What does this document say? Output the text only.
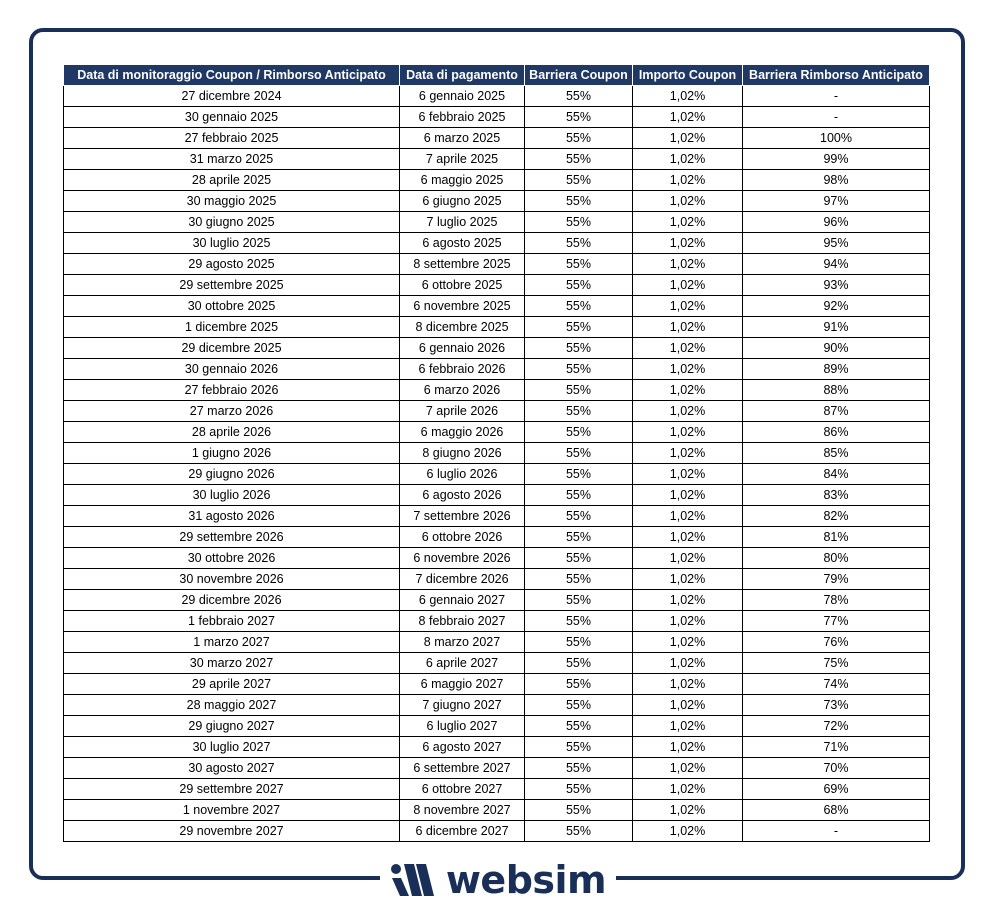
Data di monitoraggio Coupon / Rimborso Anticipato	Data di pagamento	Barriera Coupon	Importo Coupon	Barriera Rimborso Anticipato
27 dicembre 2024	6 gennaio 2025	55%	1,02%	-
30 gennaio 2025	6 febbraio 2025	55%	1,02%	-
27 febbraio 2025	6 marzo 2025	55%	1,02%	100%
31 marzo 2025	7 aprile 2025	55%	1,02%	99%
28 aprile 2025	6 maggio 2025	55%	1,02%	98%
30 maggio 2025	6 giugno 2025	55%	1,02%	97%
30 giugno 2025	7 luglio 2025	55%	1,02%	96%
30 luglio 2025	6 agosto 2025	55%	1,02%	95%
29 agosto 2025	8 settembre 2025	55%	1,02%	94%
29 settembre 2025	6 ottobre 2025	55%	1,02%	93%
30 ottobre 2025	6 novembre 2025	55%	1,02%	92%
1 dicembre 2025	8 dicembre 2025	55%	1,02%	91%
29 dicembre 2025	6 gennaio 2026	55%	1,02%	90%
30 gennaio 2026	6 febbraio 2026	55%	1,02%	89%
27 febbraio 2026	6 marzo 2026	55%	1,02%	88%
27 marzo 2026	7 aprile 2026	55%	1,02%	87%
28 aprile 2026	6 maggio 2026	55%	1,02%	86%
1 giugno 2026	8 giugno 2026	55%	1,02%	85%
29 giugno 2026	6 luglio 2026	55%	1,02%	84%
30 luglio 2026	6 agosto 2026	55%	1,02%	83%
31 agosto 2026	7 settembre 2026	55%	1,02%	82%
29 settembre 2026	6 ottobre 2026	55%	1,02%	81%
30 ottobre 2026	6 novembre 2026	55%	1,02%	80%
30 novembre 2026	7 dicembre 2026	55%	1,02%	79%
29 dicembre 2026	6 gennaio 2027	55%	1,02%	78%
1 febbraio 2027	8 febbraio 2027	55%	1,02%	77%
1 marzo 2027	8 marzo 2027	55%	1,02%	76%
30 marzo 2027	6 aprile 2027	55%	1,02%	75%
29 aprile 2027	6 maggio 2027	55%	1,02%	74%
28 maggio 2027	7 giugno 2027	55%	1,02%	73%
29 giugno 2027	6 luglio 2027	55%	1,02%	72%
30 luglio 2027	6 agosto 2027	55%	1,02%	71%
30 agosto 2027	6 settembre 2027	55%	1,02%	70%
29 settembre 2027	6 ottobre 2027	55%	1,02%	69%
1 novembre 2027	8 novembre 2027	55%	1,02%	68%
29 novembre 2027	6 dicembre 2027	55%	1,02%	-
websim
